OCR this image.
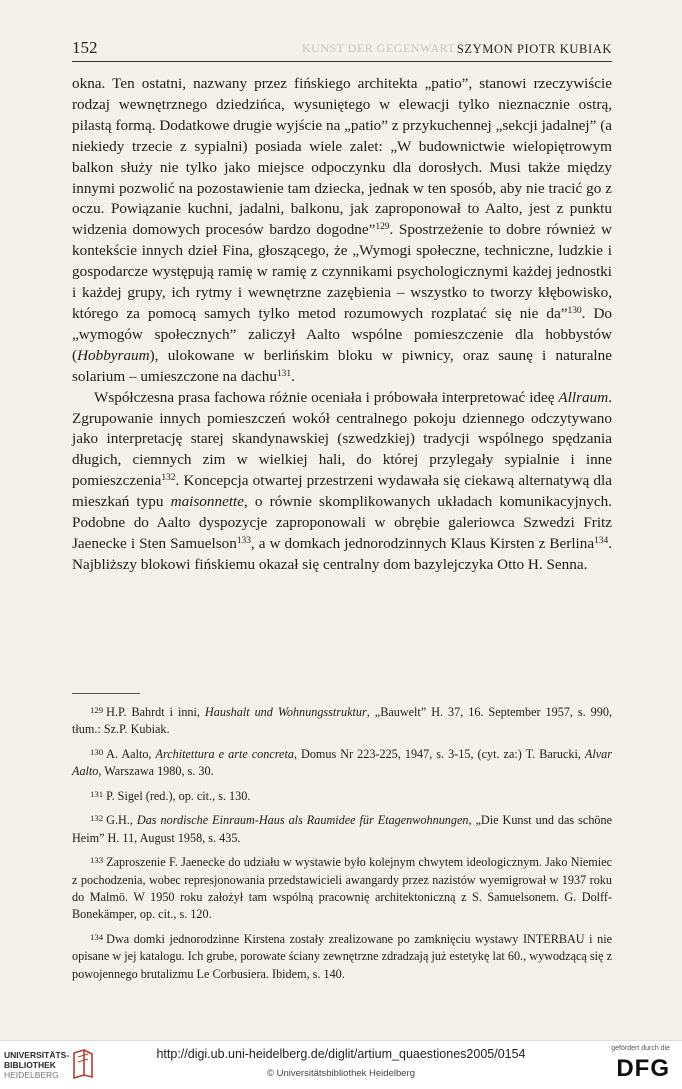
152	KUNST DER GEGENWART SZYMON PIOTR KUBIAK

okna. Ten ostatni, nazwany przez fińskiego architekta „patio”, stanowi rzeczywiście rodzaj wewnętrznego dziedzińca, wysuniętego w elewacji tylko nieznacznie ostrą, pilastą formą. Dodatkowe drugie wyjście na „patio” z przykuchennej „sekcji jadalnej” (a niekiedy trzecie z sypialni) posiada wiele zalet: „W budownictwie wielopiętrowym balkon służy nie tylko jako miejsce odpoczynku dla dorosłych. Musi także między innymi pozwolić na pozostawienie tam dziecka, jednak w ten sposób, aby nie tracić go z oczu. Powiązanie kuchni, jadalni, balkonu, jak zaproponował to Aalto, jest z punktu widzenia domowych procesów bardzo dogodne”$^{129}$. Spostrzeżenie to dobre również w kontekście innych dzieł Fina, głoszącego, że „Wymogi społeczne, techniczne, ludzkie i gospodarcze występują ramię w ramię z czynnikami psychologicznymi każdej jednostki i każdej grupy, ich rytmy i wewnętrzne zazębienia – wszystko to tworzy kłębowisko, którego za pomocą samych tylko metod rozumowych rozplatać się nie da”$^{130}$. Do „wymogów społecznych” zaliczył Aalto wspólne pomieszczenie dla hobbystów (Hobbyraum), ulokowane w berlińskim bloku w piwnicy, oraz saunę i naturalne solarium – umieszczone na dachu$^{131}$.

Współczesna prasa fachowa różnie oceniała i próbowała interpretować ideę Allraum. Zgrupowanie innych pomieszczeń wokół centralnego pokoju dziennego odczytywano jako interpretację starej skandynawskiej (szwedzkiej) tradycji wspólnego spędzania długich, ciemnych zim w wielkiej hali, do której przylegały sypialnie i inne pomieszczenia$^{132}$. Koncepcja otwartej przestrzeni wydawała się ciekawą alternatywą dla mieszkań typu maisonnette, o równie skomplikowanych układach komunikacyjnych. Podobne do Aalto dyspozycje zaproponowali w obrębie galeriowca Szwedzi Fritz Jaenecke i Sten Samuelson$^{133}$, a w domkach jednorodzinnych Klaus Kirsten z Berlina$^{134}$. Najbliższy blokowi fińskiemu okazał się centralny dom bazylejczyka Otto H. Senna.

$^{129}$ H.P. Bahrdt i inni, Haushalt und Wohnungsstruktur, „Bauwelt” H. 37, 16. September 1957, s. 990, tłum.: Sz.P. Kubiak.

$^{130}$ A. Aalto, Architettura e arte concreta, Domus Nr 223-225, 1947, s. 3-15, (cyt. za:) T. Barucki, Alvar Aalto, Warszawa 1980, s. 30.

$^{131}$ P. Sigel (red.), op. cit., s. 130.

$^{132}$ G.H., Das nordische Einraum-Haus als Raumidee für Etagenwohnungen, „Die Kunst und das schöne Heim” H. 11, August 1958, s. 435.

$^{133}$ Zaproszenie F. Jaenecke do udziału w wystawie było kolejnym chwytem ideologicznym. Jako Niemiec z pochodzenia, wobec represjonowania przedstawicieli awangardy przez nazistów wyemigrował w 1937 roku do Malmö. W 1950 roku założył tam wspólną pracownię architektoniczną z S. Samuelsonem. G. Dolff-Bonekämper, op. cit., s. 120.

$^{134}$ Dwa domki jednorodzinne Kirstena zostały zrealizowane po zamknięciu wystawy INTERBAU i nie opisane w jej katalogu. Ich grube, porowate ściany zewnętrzne zdradzają już estetykę lat 60., wywodzącą się z powojennego brutalizmu Le Corbusiera. Ibidem, s. 140.

UNIVERSITÄTS-
BIBLIOTHEK
HEIDELBERG
http://digi.ub.uni-heidelberg.de/diglit/artium_quaestiones2005/0154
© Universitätsbibliothek Heidelberg
gefördert durch die
DFG
